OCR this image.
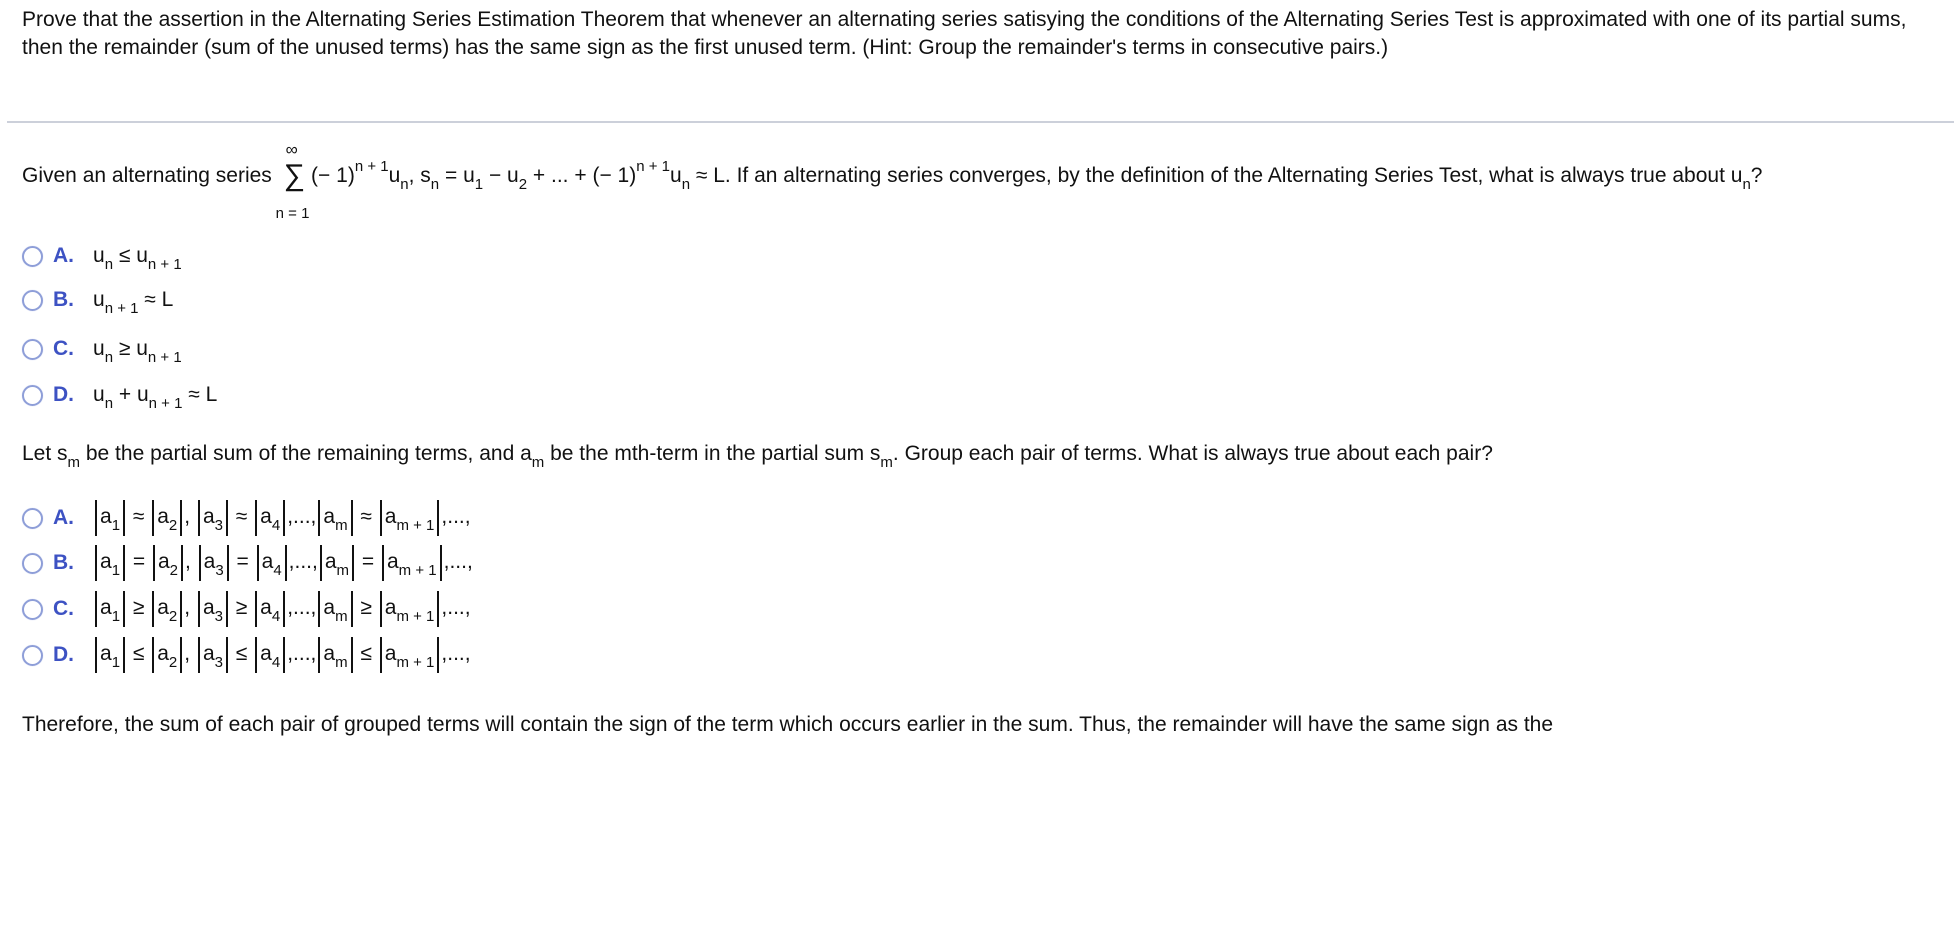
Prove that the assertion in the Alternating Series Estimation Theorem that whenever an alternating series satisying the conditions of the Alternating Series Test is approximated with one of its partial sums, then the remainder (sum of the unused terms) has the same sign as the first unused term. (Hint: Group the remainder's terms in consecutive pairs.)
Given an alternating series ∑
∞
n = 1
(− $1)^{n + 1}u_n$, $s_n = u_1 - u_2$ + ... + (− $1)^{n + 1}u_n \approx L$. If an alternating series converges, by the definition of the Alternating Series Test, what is always true about $u_n$?
A. $u_n \le u_{n + 1}$
B. $u_{n + 1} \approx L$
C. $u_n \ge u_{n + 1}$
D. $u_n + u_{n + 1} \approx L$
Let $s_m$ be the partial sum of the remaining terms, and $a_m$ be the mth-term in the partial sum $s_m$. Group each pair of terms. What is always true about each pair?
A.	$a_1 \approx a_2$ , $a_3 \approx a_4$ ,..., $a_m \approx a_{m + 1}$ ,...,
B.	$a_1 = a_2$ , $a_3 = a_4$ ,..., $a_m = a_{m + 1}$ ,...,
C.	$a_1 \ge a_2$ , $a_3 \ge a_4$ ,..., $a_m \ge a_{m + 1}$ ,...,
D.	$a_1 \le a_2$ , $a_3 \le a_4$ ,..., $a_m \le a_{m + 1}$ ,...,
Therefore, the sum of each pair of grouped terms will contain the sign of the term which occurs earlier in the sum. Thus, the remainder will have the same sign as the
